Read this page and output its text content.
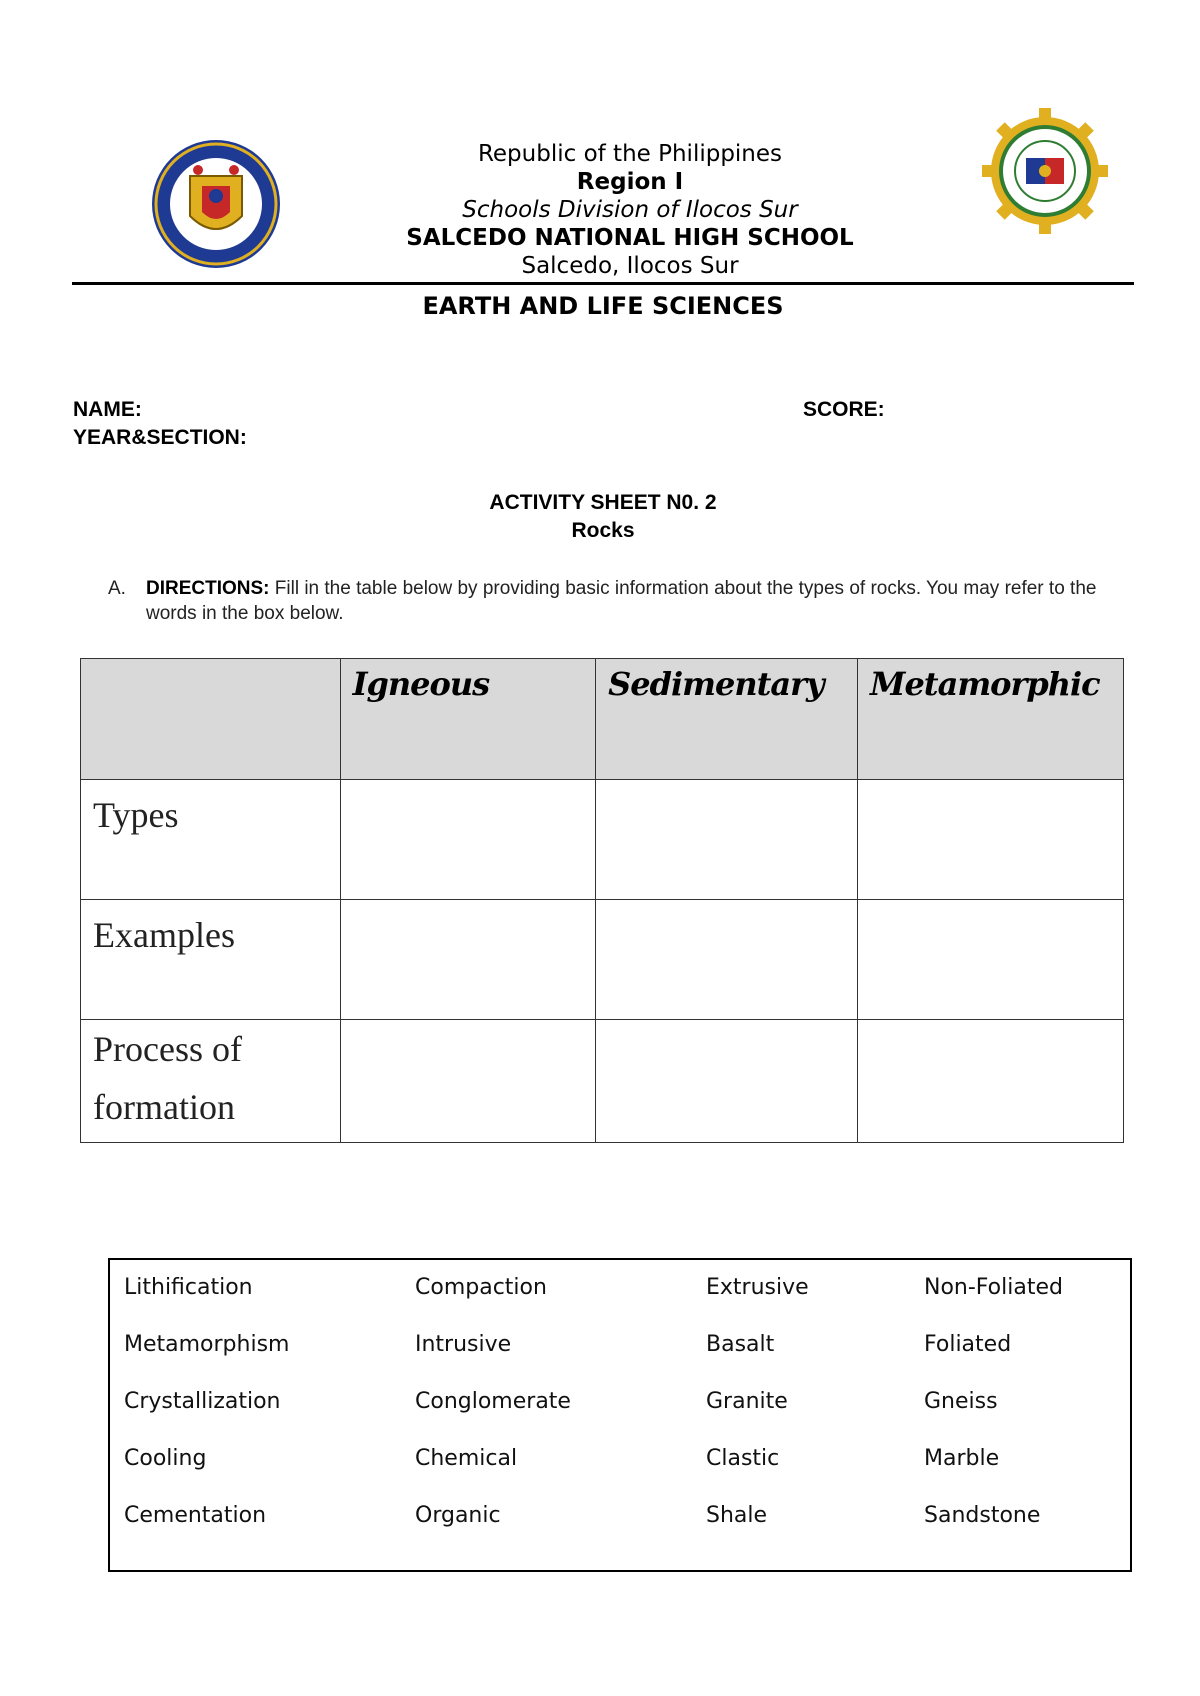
Republic of the Philippines
Region I
Schools Division of Ilocos Sur
SALCEDO NATIONAL HIGH SCHOOL
Salcedo, Ilocos Sur
EARTH AND LIFE SCIENCES
NAME:	SCORE:
YEAR&SECTION:
ACTIVITY SHEET N0. 2
Rocks
A. DIRECTIONS: Fill in the table below by providing basic information about the types of rocks. You may refer to the words in the box below.
	Igneous	Sedimentary	Metamorphic
Types			
Examples			
Process of formation			
Lithification	Compaction	Extrusive	Non-Foliated
Metamorphism	Intrusive	Basalt	Foliated
Crystallization	Conglomerate	Granite	Gneiss
Cooling	Chemical	Clastic	Marble
Cementation	Organic	Shale	Sandstone
